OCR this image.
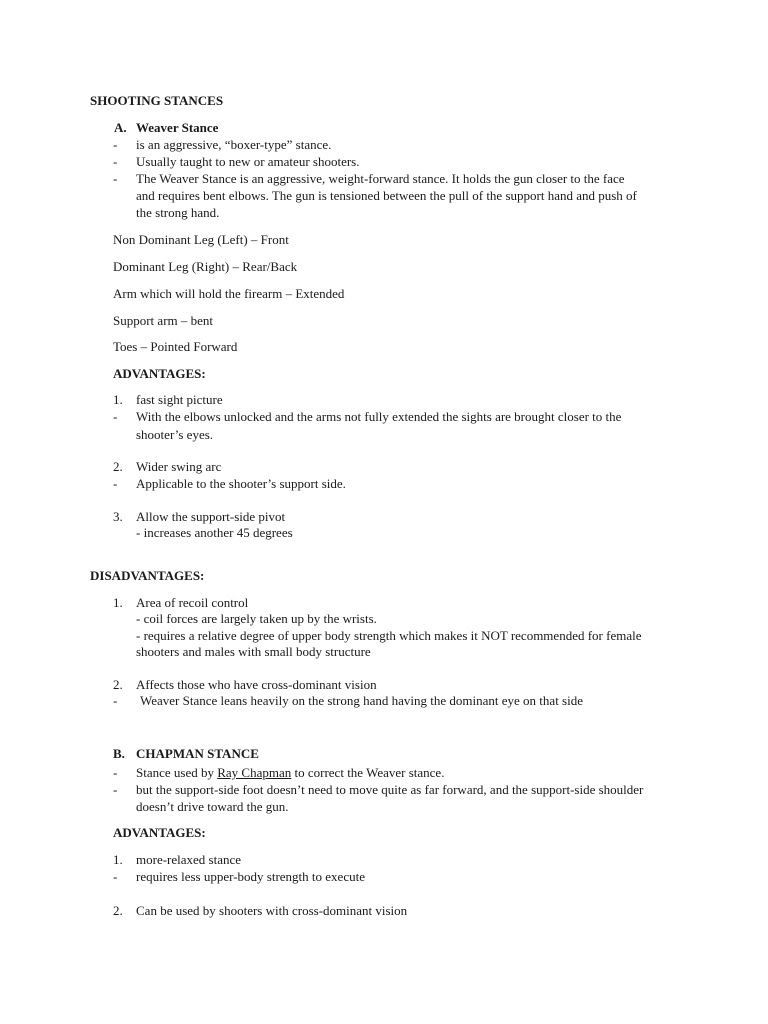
SHOOTING STANCES
A. Weaver Stance
- is an aggressive, “boxer-type” stance.
- Usually taught to new or amateur shooters.
- The Weaver Stance is an aggressive, weight-forward stance. It holds the gun closer to the face
and requires bent elbows. The gun is tensioned between the pull of the support hand and push of
the strong hand.
Non Dominant Leg (Left) – Front
Dominant Leg (Right) – Rear/Back
Arm which will hold the firearm – Extended
Support arm – bent
Toes – Pointed Forward
ADVANTAGES:
1. fast sight picture
- With the elbows unlocked and the arms not fully extended the sights are brought closer to the
shooter’s eyes.
2. Wider swing arc
- Applicable to the shooter’s support side.
3. Allow the support-side pivot
- increases another 45 degrees
DISADVANTAGES:
1. Area of recoil control
- coil forces are largely taken up by the wrists.
- requires a relative degree of upper body strength which makes it NOT recommended for female
shooters and males with small body structure
2. Affects those who have cross-dominant vision
- Weaver Stance leans heavily on the strong hand having the dominant eye on that side
B. CHAPMAN STANCE
- Stance used by Ray Chapman to correct the Weaver stance.
- but the support-side foot doesn’t need to move quite as far forward, and the support-side shoulder
doesn’t drive toward the gun.
ADVANTAGES:
1. more-relaxed stance
- requires less upper-body strength to execute
2. Can be used by shooters with cross-dominant vision
